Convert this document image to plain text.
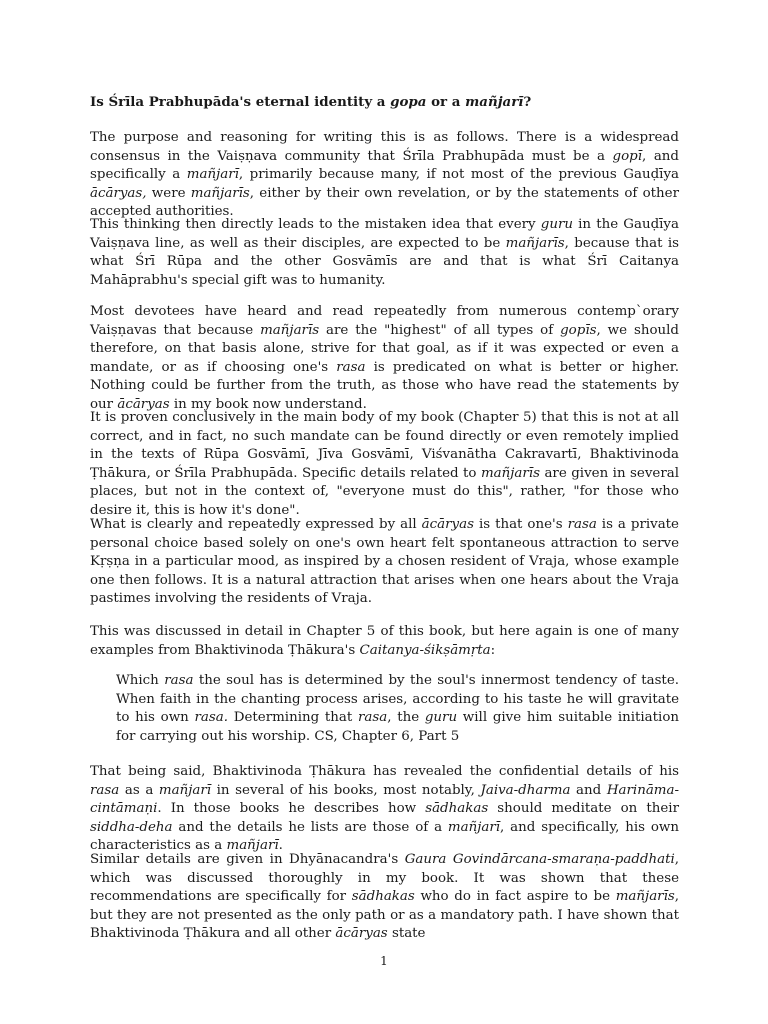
Is Śrīla Prabhupāda's eternal identity a gopa or a mañjarī?

The purpose and reasoning for writing this is as follows. There is a widespread consensus in the Vaiṣṇava community that Śrīla Prabhupāda must be a gopī, and specifically a mañjarī, primarily because many, if not most of the previous Gauḍīya ācāryas, were mañjarīs, either by their own revelation, or by the statements of other accepted authorities.

This thinking then directly leads to the mistaken idea that every guru in the Gauḍīya Vaiṣṇava line, as well as their disciples, are expected to be mañjarīs, because that is what Śrī Rūpa and the other Gosvāmīs are and that is what Śrī Caitanya Mahāprabhu's special gift was to humanity.

Most devotees have heard and read repeatedly from numerous contemp`orary Vaiṣṇavas that because mañjarīs are the "highest" of all types of gopīs, we should therefore, on that basis alone, strive for that goal, as if it was expected or even a mandate, or as if choosing one's rasa is predicated on what is better or higher. Nothing could be further from the truth, as those who have read the statements by our ācāryas in my book now understand.

It is proven conclusively in the main body of my book (Chapter 5) that this is not at all correct, and in fact, no such mandate can be found directly or even remotely implied in the texts of Rūpa Gosvāmī, Jīva Gosvāmī, Viśvanātha Cakravartī, Bhaktivinoda Ṭhākura, or Śrīla Prabhupāda. Specific details related to mañjarīs are given in several places, but not in the context of, "everyone must do this", rather, "for those who desire it, this is how it's done".

What is clearly and repeatedly expressed by all ācāryas is that one's rasa is a private personal choice based solely on one's own heart felt spontaneous attraction to serve Kṛṣṇa in a particular mood, as inspired by a chosen resident of Vraja, whose example one then follows. It is a natural attraction that arises when one hears about the Vraja pastimes involving the residents of Vraja.

This was discussed in detail in Chapter 5 of this book, but here again is one of many examples from Bhaktivinoda Ṭhākura's Caitanya-śikṣāmṛta:

Which rasa the soul has is determined by the soul's innermost tendency of taste. When faith in the chanting process arises, according to his taste he will gravitate to his own rasa. Determining that rasa, the guru will give him suitable initiation for carrying out his worship. CS, Chapter 6, Part 5

That being said, Bhaktivinoda Ṭhākura has revealed the confidential details of his rasa as a mañjarī in several of his books, most notably, Jaiva-dharma and Harināma-cintāmaṇi. In those books he describes how sādhakas should meditate on their siddha-deha and the details he lists are those of a mañjarī, and specifically, his own characteristics as a mañjarī.

Similar details are given in Dhyānacandra's Gaura Govindārcana-smaraṇa-paddhati, which was discussed thoroughly in my book. It was shown that these recommendations are specifically for sādhakas who do in fact aspire to be mañjarīs, but they are not presented as the only path or as a mandatory path. I have shown that Bhaktivinoda Ṭhākura and all other ācāryas state

1
